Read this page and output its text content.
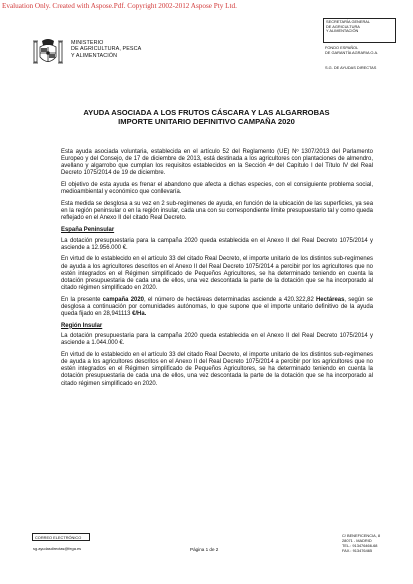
Evaluation Only. Created with Aspose.Pdf. Copyright 2002-2012 Aspose Pty Ltd.
MINISTERIO
DE AGRICULTURA, PESCA
Y ALIMENTACIÓN
SECRETARÍA GENERAL
DE AGRICULTURA
Y ALIMENTACIÓN
FONDO ESPAÑOL
DE GARANTÍA AGRARIA O.A.
S.G. DE AYUDAS DIRECTAS
AYUDA ASOCIADA A LOS FRUTOS CÁSCARA Y LAS ALGARROBAS
IMPORTE UNITARIO DEFINITIVO CAMPAÑA 2020

Esta ayuda asociada voluntaria, establecida en el artículo 52 del Reglamento (UE) Nº 1307/2013 del Parlamento Europeo y del Consejo, de 17 de diciembre de 2013, está destinada a los agricultores con plantaciones de almendro, avellano y algarrobo que cumplan los requisitos establecidos en la Sección 4ª del Capítulo I del Título IV del Real Decreto 1075/2014 de 19 de diciembre.

El objetivo de esta ayuda es frenar el abandono que afecta a dichas especies, con el consiguiente problema social, medioambiental y económico que conllevaría.

Esta medida se desglosa a su vez en 2 sub-regímenes de ayuda, en función de la ubicación de las superficies, ya sea en la región peninsular o en la región insular, cada una con su correspondiente límite presupuestario tal y como queda reflejado en el Anexo II del citado Real Decreto.

España Peninsular

La dotación presupuestaria para la campaña 2020 queda establecida en el Anexo II del Real Decreto 1075/2014 y asciende a 12.956.000 €.

En virtud de lo establecido en el artículo 33 del citado Real Decreto, el importe unitario de los distintos sub-regímenes de ayuda a los agricultores descritos en el Anexo II del Real Decreto 1075/2014 a percibir por los agricultores que no estén integrados en el Régimen simplificado de Pequeños Agricultores, se ha determinado teniendo en cuenta la dotación presupuestaria de cada una de ellos, una vez descontada la parte de la dotación que se ha incorporado al citado régimen simplificado en 2020.

En la presente campaña 2020, el número de hectáreas determinadas asciende a 420.322,82 Hectáreas, según se desglosa a continuación por comunidades autónomas, lo que supone que el importe unitario definitivo de la ayuda queda fijado en 28,941113 €/Ha.

Región Insular

La dotación presupuestaria para la campaña 2020 queda establecida en el Anexo II del Real Decreto 1075/2014 y asciende a 1.044.000 €.

En virtud de lo establecido en el artículo 33 del citado Real Decreto, el importe unitario de los distintos sub-regímenes de ayuda a los agricultores descritos en el Anexo II del Real Decreto 1075/2014 a percibir por los agricultores que no estén integrados en el Régimen simplificado de Pequeños Agricultores, se ha determinado teniendo en cuenta la dotación presupuestaria de cada una de ellos, una vez descontada la parte de la dotación que se ha incorporado al citado régimen simplificado en 2020.

CORREO ELECTRÓNICO
sg.ayudasdirectas@fega.es	Página 1 de 2
C/ BENEFICENCIA, 8
28071 - MADRID
TEL.: 913476466-68
FAX.: 913476465
